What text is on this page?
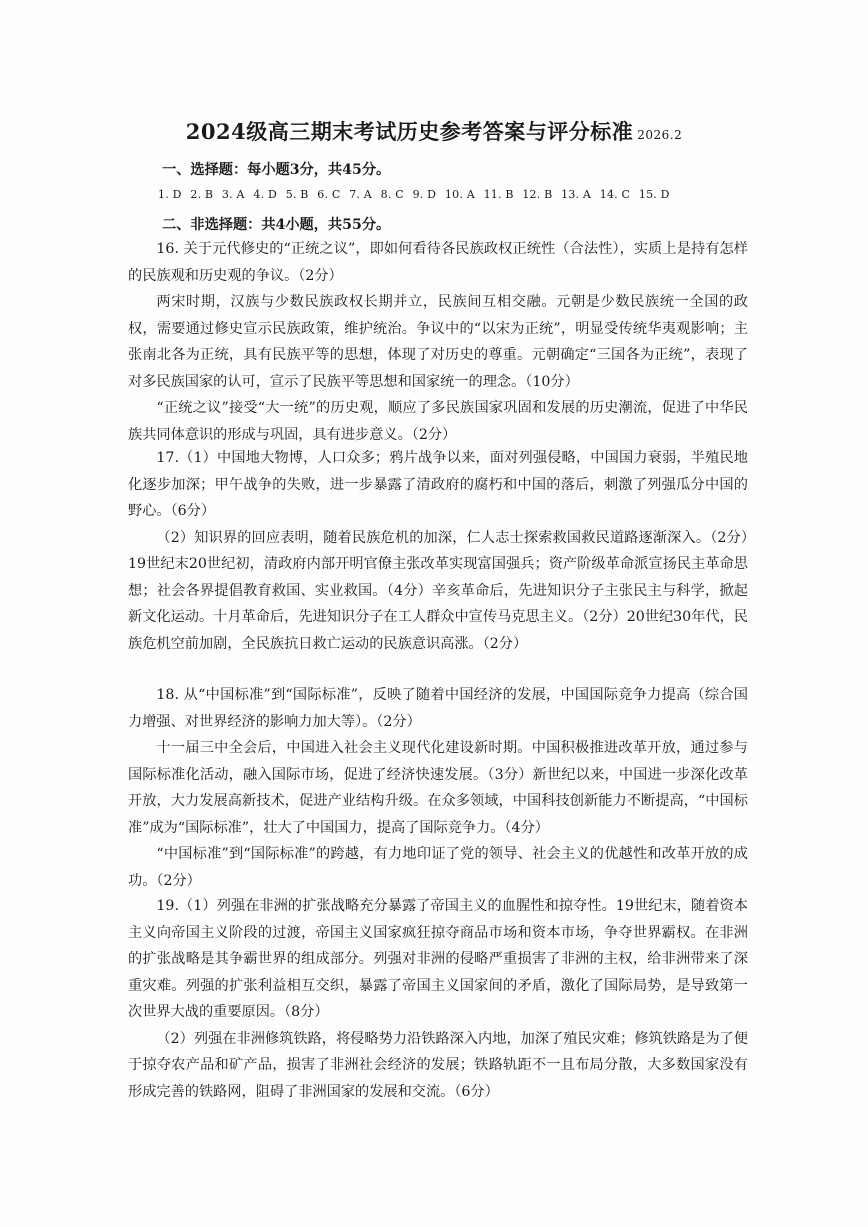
2024级高三期末考试历史参考答案与评分标准 2026.2
一、选择题：每小题3分，共45分。
1. D 2. B 3. A 4. D 5. B 6. C 7. A 8. C 9. D 10. A 11. B 12. B 13. A 14. C 15. D
二、非选择题：共4小题，共55分。

16. 关于元代修史的“正统之议”，即如何看待各民族政权正统性（合法性），实质上是持有怎样的民族观和历史观的争议。（2分）

两宋时期，汉族与少数民族政权长期并立，民族间互相交融。元朝是少数民族统一全国的政权，需要通过修史宣示民族政策，维护统治。争议中的“以宋为正统”，明显受传统华夷观影响；主张南北各为正统，具有民族平等的思想，体现了对历史的尊重。元朝确定“三国各为正统”，表现了对多民族国家的认可，宣示了民族平等思想和国家统一的理念。（10分）

“正统之议”接受“大一统”的历史观，顺应了多民族国家巩固和发展的历史潮流，促进了中华民族共同体意识的形成与巩固，具有进步意义。（2分）

17.（1）中国地大物博，人口众多；鸦片战争以来，面对列强侵略，中国国力衰弱，半殖民地化逐步加深；甲午战争的失败，进一步暴露了清政府的腐朽和中国的落后，刺激了列强瓜分中国的野心。（6分）

（2）知识界的回应表明，随着民族危机的加深，仁人志士探索救国救民道路逐渐深入。（2分）19世纪末20世纪初，清政府内部开明官僚主张改革实现富国强兵；资产阶级革命派宣扬民主革命思想；社会各界提倡教育救国、实业救国。（4分）辛亥革命后，先进知识分子主张民主与科学，掀起新文化运动。十月革命后，先进知识分子在工人群众中宣传马克思主义。（2分）20世纪30年代，民族危机空前加剧，全民族抗日救亡运动的民族意识高涨。（2分）

18. 从“中国标准”到“国际标准”，反映了随着中国经济的发展，中国国际竞争力提高（综合国力增强、对世界经济的影响力加大等）。（2分）

十一届三中全会后，中国进入社会主义现代化建设新时期。中国积极推进改革开放，通过参与国际标准化活动，融入国际市场，促进了经济快速发展。（3分）新世纪以来，中国进一步深化改革开放，大力发展高新技术，促进产业结构升级。在众多领域，中国科技创新能力不断提高，“中国标准”成为“国际标准”，壮大了中国国力，提高了国际竞争力。（4分）

“中国标准”到“国际标准”的跨越，有力地印证了党的领导、社会主义的优越性和改革开放的成功。（2分）

19.（1）列强在非洲的扩张战略充分暴露了帝国主义的血腥性和掠夺性。19世纪末，随着资本主义向帝国主义阶段的过渡，帝国主义国家疯狂掠夺商品市场和资本市场，争夺世界霸权。在非洲的扩张战略是其争霸世界的组成部分。列强对非洲的侵略严重损害了非洲的主权，给非洲带来了深重灾难。列强的扩张利益相互交织，暴露了帝国主义国家间的矛盾，激化了国际局势，是导致第一次世界大战的重要原因。（8分）

（2）列强在非洲修筑铁路，将侵略势力沿铁路深入内地，加深了殖民灾难；修筑铁路是为了便于掠夺农产品和矿产品，损害了非洲社会经济的发展；铁路轨距不一且布局分散，大多数国家没有形成完善的铁路网，阻碍了非洲国家的发展和交流。（6分）
